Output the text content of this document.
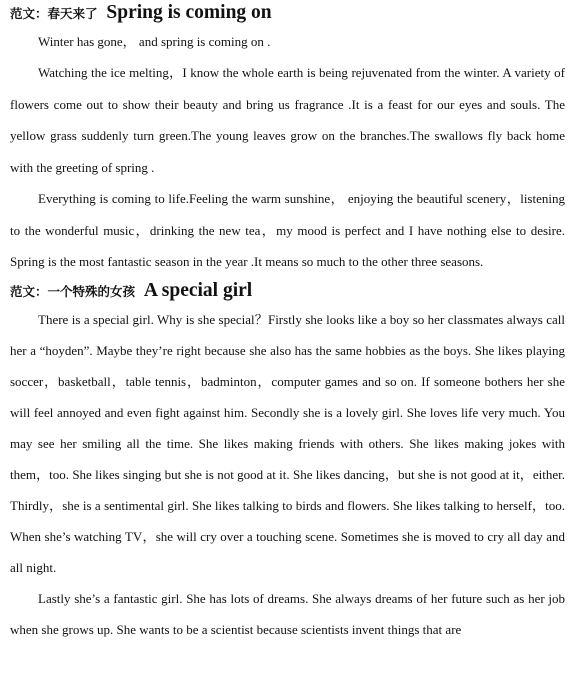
范文：春天来了 Spring is coming on

Winter has gone， and spring is coming on .

Watching the ice melting，I know the whole earth is being rejuvenated from the winter. A variety of flowers come out to show their beauty and bring us fragrance .It is a feast for our eyes and souls. The yellow grass suddenly turn green.The young leaves grow on the branches.The swallows fly back home with the greeting of spring .

Everything is coming to life.Feeling the warm sunshine， enjoying the beautiful scenery，listening to the wonderful music，drinking the new tea，my mood is perfect and I have nothing else to desire. Spring is the most fantastic season in the year .It means so much to the other three seasons.

范文：一个特殊的女孩 A special girl

There is a special girl. Why is she special？Firstly she looks like a boy so her classmates always call her a “hoyden”. Maybe they’re right because she also has the same hobbies as the boys. She likes playing soccer，basketball，table tennis，badminton，computer games and so on. If someone bothers her she will feel annoyed and even fight against him. Secondly she is a lovely girl. She loves life very much. You may see her smiling all the time. She likes making friends with others. She likes making jokes with them，too. She likes singing but she is not good at it. She likes dancing，but she is not good at it，either. Thirdly，she is a sentimental girl. She likes talking to birds and flowers. She likes talking to herself，too. When she’s watching TV，she will cry over a touching scene. Sometimes she is moved to cry all day and all night.

Lastly she’s a fantastic girl. She has lots of dreams. She always dreams of her future such as her job when she grows up. She wants to be a scientist because scientists invent things that are
